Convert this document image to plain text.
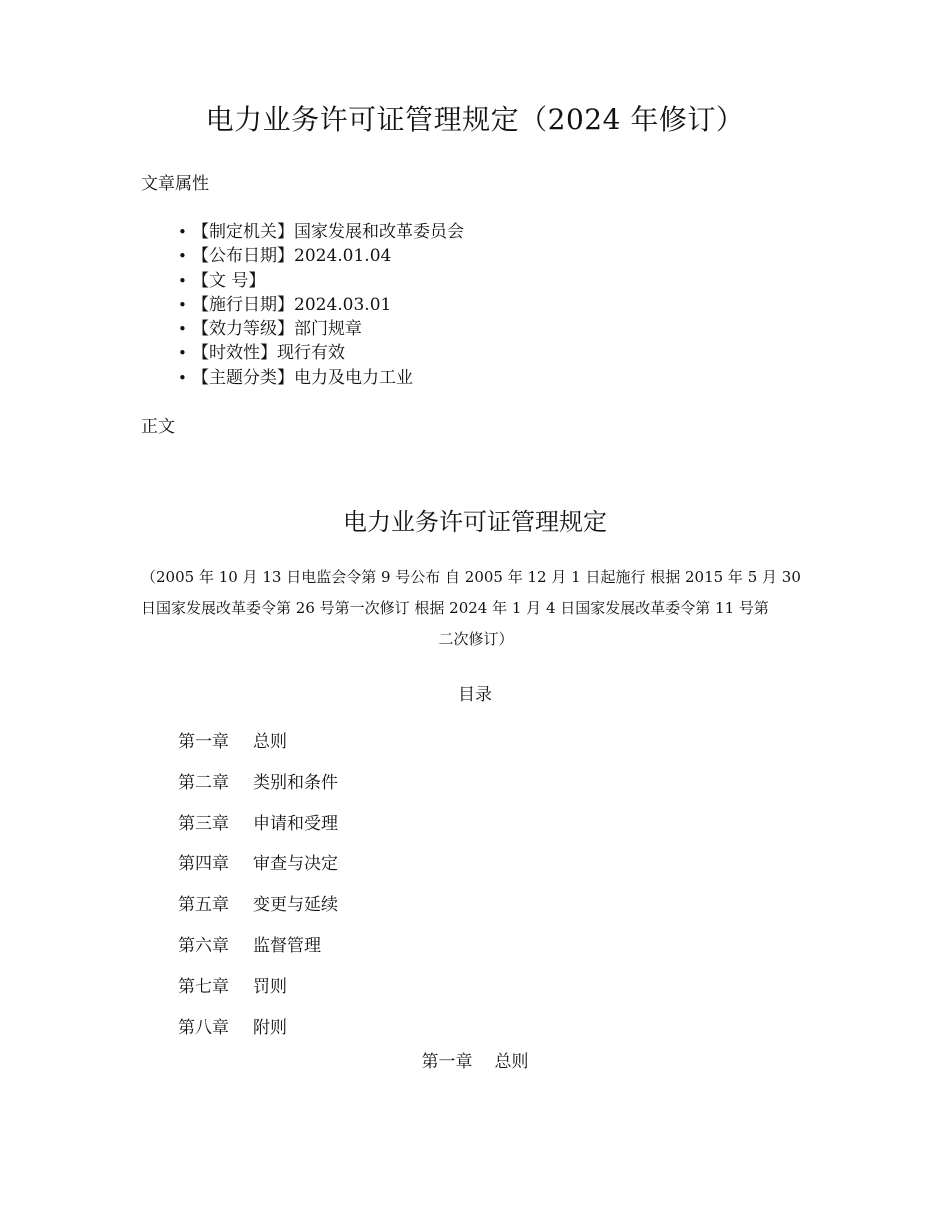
电力业务许可证管理规定（2024 年修订）
文章属性
• 【制定机关】国家发展和改革委员会
• 【公布日期】2024.01.04
• 【文 号】
• 【施行日期】2024.03.01
• 【效力等级】部门规章
• 【时效性】现行有效
• 【主题分类】电力及电力工业
正文
电力业务许可证管理规定
（2005 年 10 月 13 日电监会令第 9 号公布 自 2005 年 12 月 1 日起施行 根据 2015 年 5 月 30
日国家发展改革委令第 26 号第一次修订 根据 2024 年 1 月 4 日国家发展改革委令第 11 号第
二次修订）
目录
第一章 总则
第二章 类别和条件
第三章 申请和受理
第四章 审查与决定
第五章 变更与延续
第六章 监督管理
第七章 罚则
第八章 附则
第一章 总则
